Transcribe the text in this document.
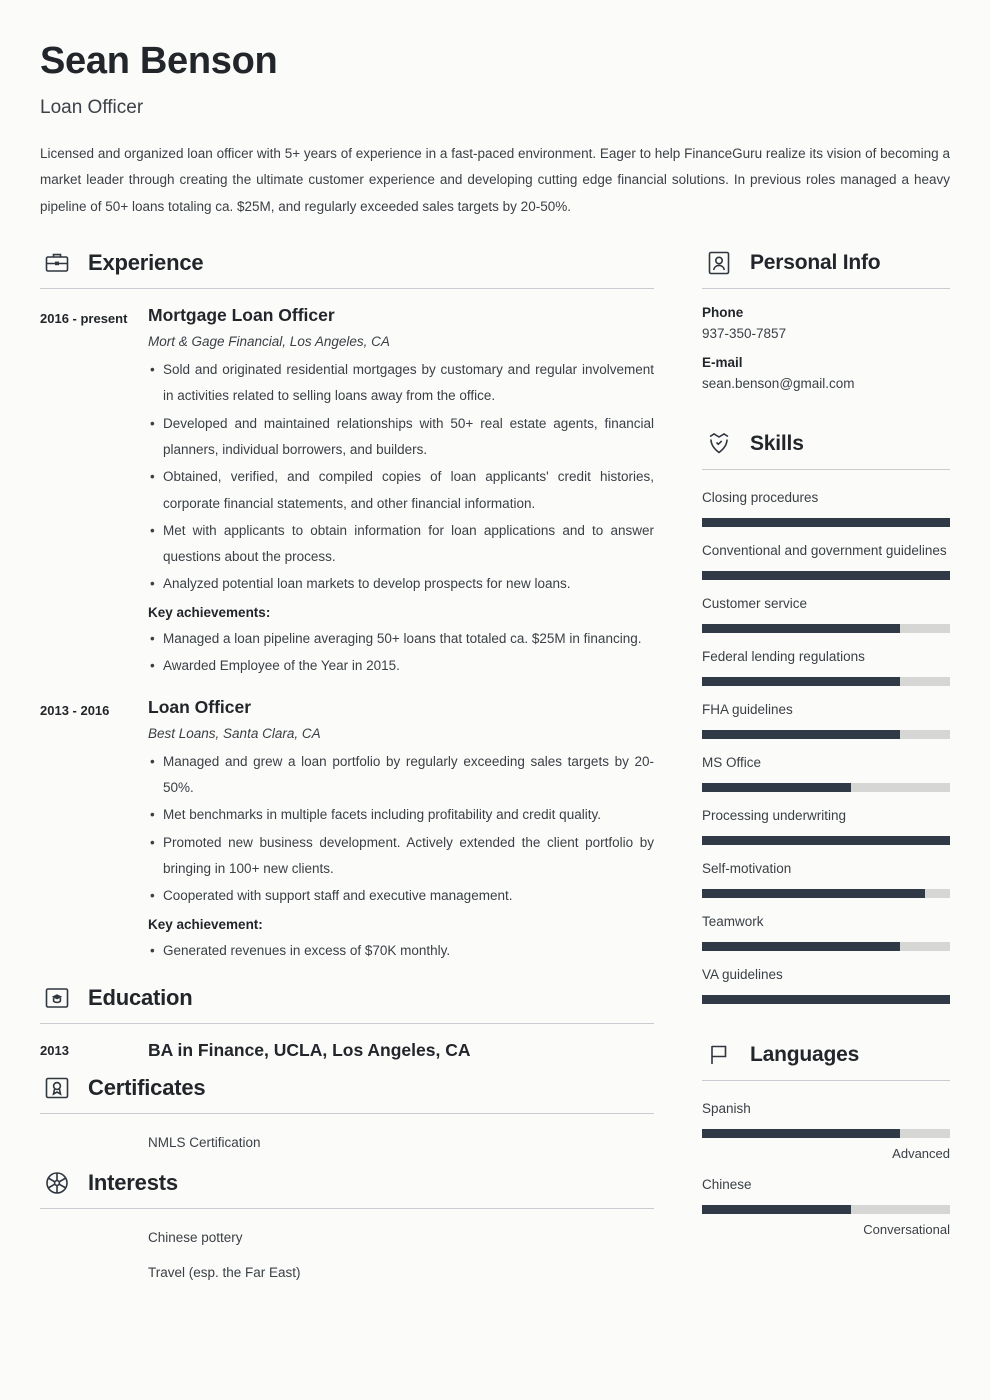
Sean Benson
Loan Officer

Licensed and organized loan officer with 5+ years of experience in a fast-paced environment. Eager to help FinanceGuru realize its vision of becoming a market leader through creating the ultimate customer experience and developing cutting edge financial solutions. In previous roles managed a heavy pipeline of 50+ loans totaling ca. $25M, and regularly exceeded sales targets by 20-50%.

Experience
2016 - present	Mortgage Loan Officer
Mort & Gage Financial, Los Angeles, CA
• Sold and originated residential mortgages by customary and regular involvement in activities related to selling loans away from the office.
• Developed and maintained relationships with 50+ real estate agents, financial planners, individual borrowers, and builders.
• Obtained, verified, and compiled copies of loan applicants' credit histories, corporate financial statements, and other financial information.
• Met with applicants to obtain information for loan applications and to answer questions about the process.
• Analyzed potential loan markets to develop prospects for new loans.
Key achievements:
• Managed a loan pipeline averaging 50+ loans that totaled ca. $25M in financing.
• Awarded Employee of the Year in 2015.
2013 - 2016	Loan Officer
Best Loans, Santa Clara, CA
• Managed and grew a loan portfolio by regularly exceeding sales targets by 20-50%.
• Met benchmarks in multiple facets including profitability and credit quality.
• Promoted new business development. Actively extended the client portfolio by bringing in 100+ new clients.
• Cooperated with support staff and executive management.
Key achievement:
• Generated revenues in excess of $70K monthly.
Education
2013	BA in Finance, UCLA, Los Angeles, CA
Certificates
NMLS Certification
Interests
Chinese pottery
Travel (esp. the Far East)
Personal Info
Phone
937-350-7857
E-mail
sean.benson@gmail.com
Skills
Closing procedures
Conventional and government guidelines
Customer service
Federal lending regulations
FHA guidelines
MS Office
Processing underwriting
Self-motivation
Teamwork
VA guidelines
Languages
Spanish
Advanced
Chinese
Conversational
